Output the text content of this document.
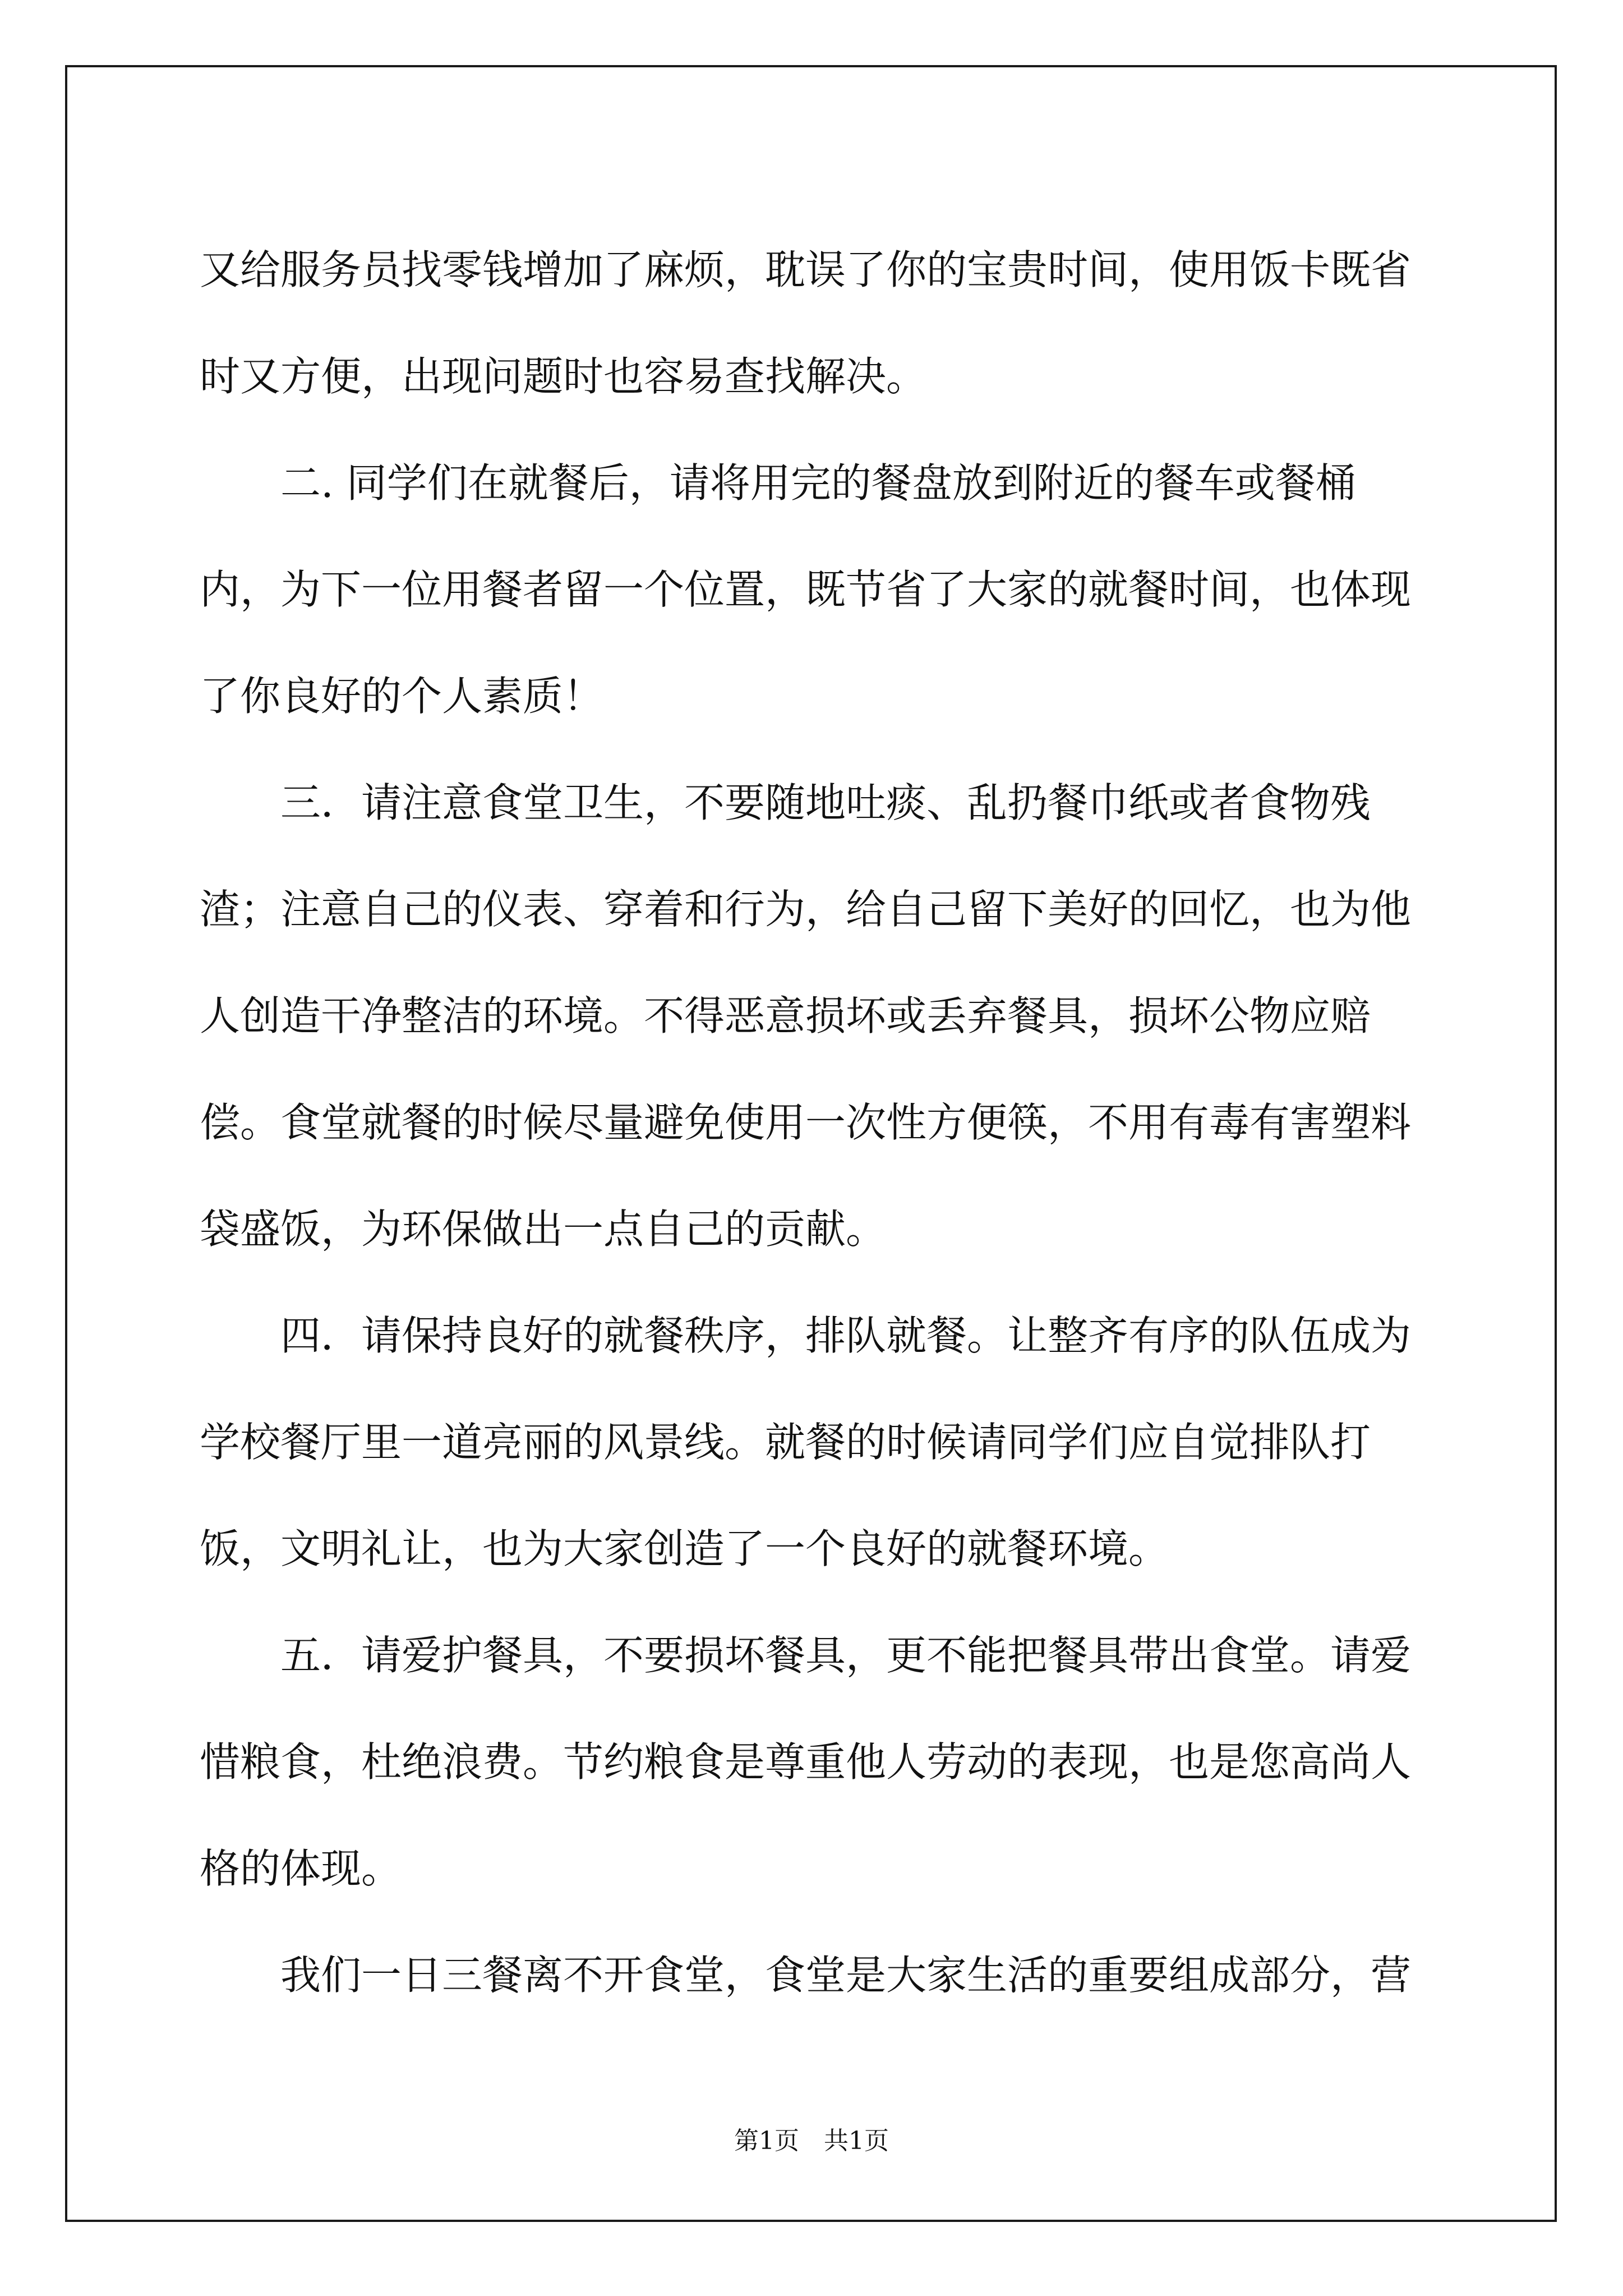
又给服务员找零钱增加了麻烦，耽误了你的宝贵时间，使用饭卡既省时又方便，出现问题时也容易查找解决。

　　二. 同学们在就餐后，请将用完的餐盘放到附近的餐车或餐桶内，为下一位用餐者留一个位置，既节省了大家的就餐时间，也体现了你良好的个人素质！

　　三．请注意食堂卫生，不要随地吐痰、乱扔餐巾纸或者食物残渣；注意自己的仪表、穿着和行为，给自己留下美好的回忆，也为他人创造干净整洁的环境。不得恶意损坏或丢弃餐具，损坏公物应赔偿。食堂就餐的时候尽量避免使用一次性方便筷，不用有毒有害塑料袋盛饭，为环保做出一点自己的贡献。

　　四．请保持良好的就餐秩序，排队就餐。让整齐有序的队伍成为学校餐厅里一道亮丽的风景线。就餐的时候请同学们应自觉排队打饭，文明礼让，也为大家创造了一个良好的就餐环境。

　　五．请爱护餐具，不要损坏餐具，更不能把餐具带出食堂。请爱惜粮食，杜绝浪费。节约粮食是尊重他人劳动的表现，也是您高尚人格的体现。

　　我们一日三餐离不开食堂，食堂是大家生活的重要组成部分，营

第1页　共1页
